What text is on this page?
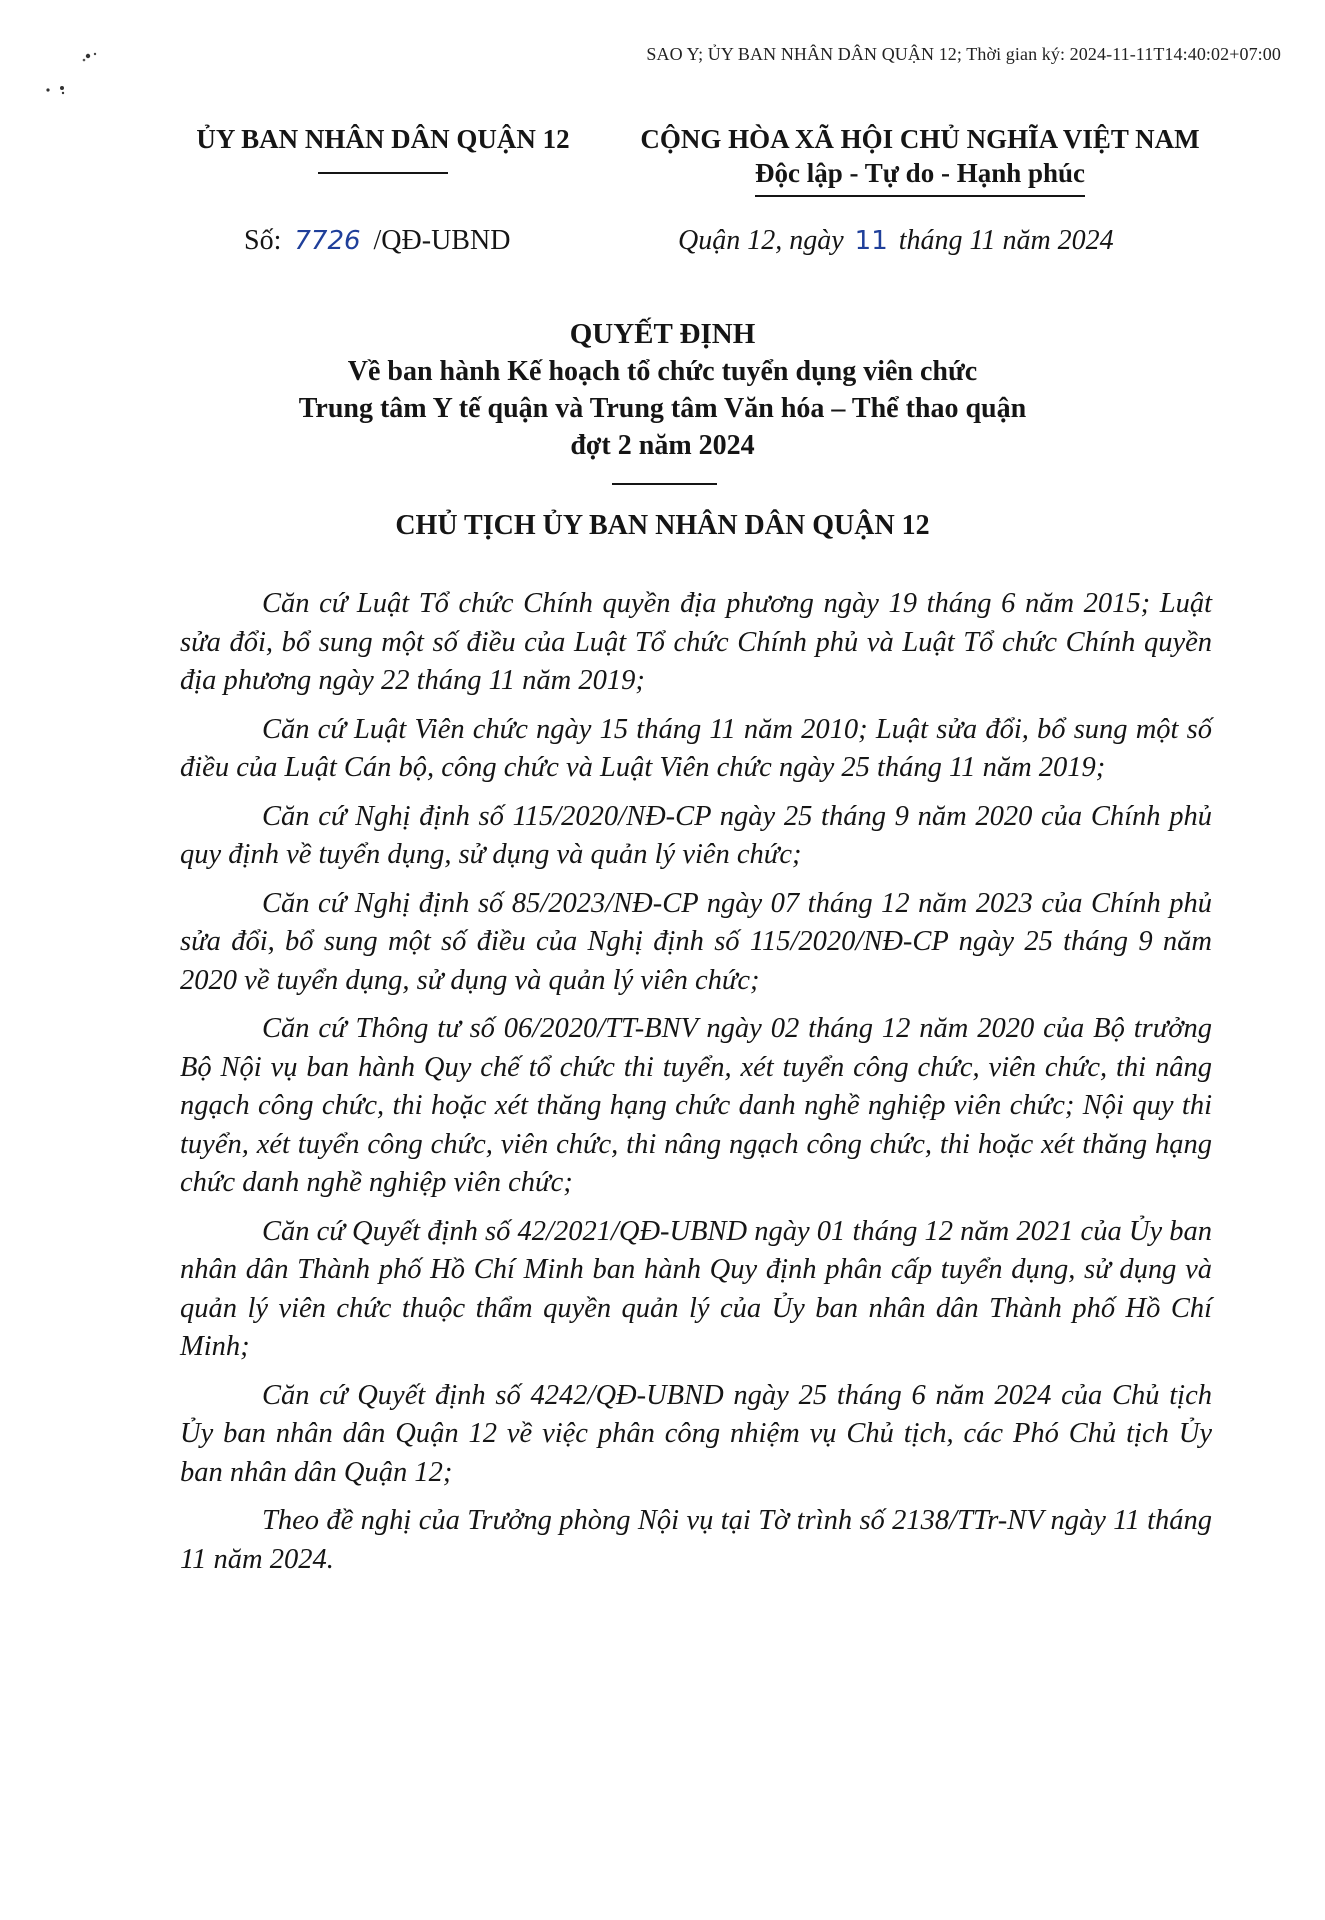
SAO Y; ỦY BAN NHÂN DÂN QUẬN 12; Thời gian ký: 2024-11-11T14:40:02+07:00
ỦY BAN NHÂN DÂN QUẬN 12	CỘNG HÒA XÃ HỘI CHỦ NGHĨA VIỆT NAM
Độc lập - Tự do - Hạnh phúc
Số: 7726 /QĐ-UBND	Quận 12, ngày 11 tháng 11 năm 2024
QUYẾT ĐỊNH
Về ban hành Kế hoạch tổ chức tuyển dụng viên chức
Trung tâm Y tế quận và Trung tâm Văn hóa – Thể thao quận
đợt 2 năm 2024
CHỦ TỊCH ỦY BAN NHÂN DÂN QUẬN 12

Căn cứ Luật Tổ chức Chính quyền địa phương ngày 19 tháng 6 năm 2015; Luật sửa đổi, bổ sung một số điều của Luật Tổ chức Chính phủ và Luật Tổ chức Chính quyền địa phương ngày 22 tháng 11 năm 2019;

Căn cứ Luật Viên chức ngày 15 tháng 11 năm 2010; Luật sửa đổi, bổ sung một số điều của Luật Cán bộ, công chức và Luật Viên chức ngày 25 tháng 11 năm 2019;

Căn cứ Nghị định số 115/2020/NĐ-CP ngày 25 tháng 9 năm 2020 của Chính phủ quy định về tuyển dụng, sử dụng và quản lý viên chức;

Căn cứ Nghị định số 85/2023/NĐ-CP ngày 07 tháng 12 năm 2023 của Chính phủ sửa đổi, bổ sung một số điều của Nghị định số 115/2020/NĐ-CP ngày 25 tháng 9 năm 2020 về tuyển dụng, sử dụng và quản lý viên chức;

Căn cứ Thông tư số 06/2020/TT-BNV ngày 02 tháng 12 năm 2020 của Bộ trưởng Bộ Nội vụ ban hành Quy chế tổ chức thi tuyển, xét tuyển công chức, viên chức, thi nâng ngạch công chức, thi hoặc xét thăng hạng chức danh nghề nghiệp viên chức; Nội quy thi tuyển, xét tuyển công chức, viên chức, thi nâng ngạch công chức, thi hoặc xét thăng hạng chức danh nghề nghiệp viên chức;

Căn cứ Quyết định số 42/2021/QĐ-UBND ngày 01 tháng 12 năm 2021 của Ủy ban nhân dân Thành phố Hồ Chí Minh ban hành Quy định phân cấp tuyển dụng, sử dụng và quản lý viên chức thuộc thẩm quyền quản lý của Ủy ban nhân dân Thành phố Hồ Chí Minh;

Căn cứ Quyết định số 4242/QĐ-UBND ngày 25 tháng 6 năm 2024 của Chủ tịch Ủy ban nhân dân Quận 12 về việc phân công nhiệm vụ Chủ tịch, các Phó Chủ tịch Ủy ban nhân dân Quận 12;

Theo đề nghị của Trưởng phòng Nội vụ tại Tờ trình số 2138/TTr-NV ngày 11 tháng 11 năm 2024.
